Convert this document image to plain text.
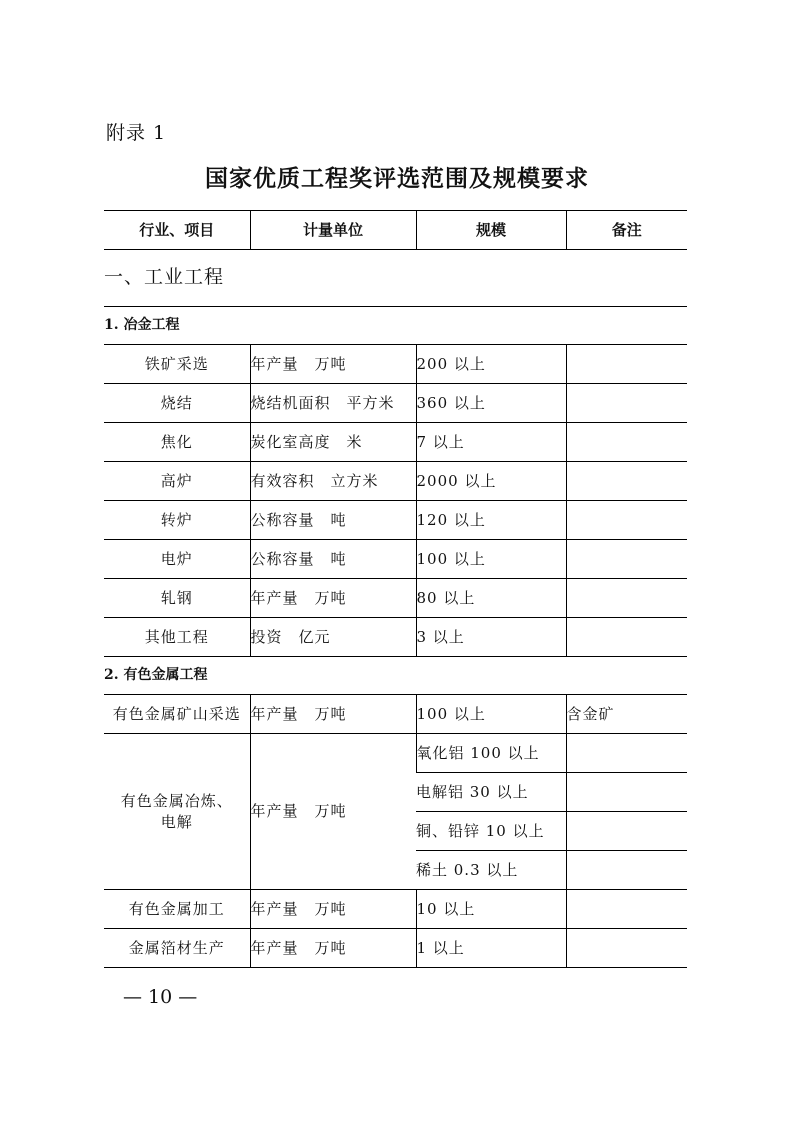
附录 1
国家优质工程奖评选范围及规模要求
行业、项目	计量单位	规模	备注
一、工业工程			
1. 冶金工程			
铁矿采选	年产量　万吨	200 以上	
烧结	烧结机面积　平方米	360 以上	
焦化	炭化室高度　米	7 以上	
高炉	有效容积　立方米	2000 以上	
转炉	公称容量　吨	120 以上	
电炉	公称容量　吨	100 以上	
轧钢	年产量　万吨	80 以上	
其他工程	投资　亿元	3 以上	
2. 有色金属工程			
有色金属矿山采选	年产量　万吨	100 以上	含金矿

有色金属冶炼、
电解	年产量　万吨	氧化铝 100 以上	
		电解铝 30 以上	
		铜、铅锌 10 以上	
		稀土 0.3 以上	
有色金属加工	年产量　万吨	10 以上	
金属箔材生产	年产量　万吨	1 以上	
— 10 —
